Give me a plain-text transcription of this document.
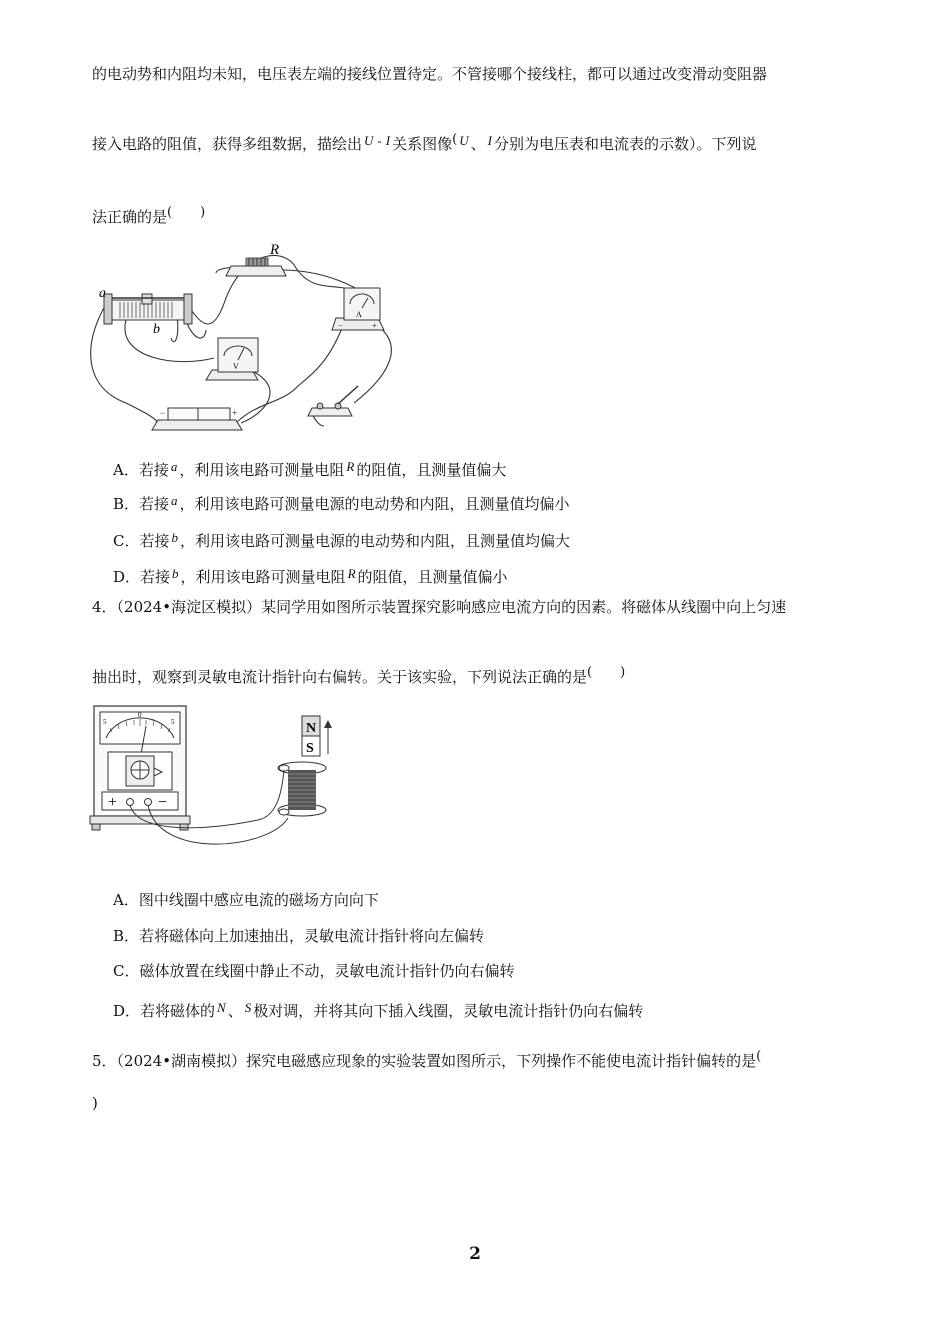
的电动势和内阻均未知，电压表左端的接线位置待定。不管接哪个接线柱，都可以通过改变滑动变阻器
接入电路的阻值，获得多组数据，描绘出 U - I 关系图像( U 、 I 分别为电压表和电流表的示数）。下列说
法正确的是( )
R
a
b
A
−	+
V
−	+
A．若接 a ，利用该电路可测量电阻 R 的阻值，且测量值偏大
B．若接 a ，利用该电路可测量电源的电动势和内阻，且测量值均偏小
C．若接 b ，利用该电路可测量电源的电动势和内阻，且测量值均偏大
D．若接 b ，利用该电路可测量电阻 R 的阻值，且测量值偏小
4．（2024•海淀区模拟）某同学用如图所示装置探究影响感应电流方向的因素。将磁体从线圈中向上匀速
抽出时，观察到灵敏电流计指针向右偏转。关于该实验，下列说法正确的是( )
5
0
5
+	−
N
S
A．图中线圈中感应电流的磁场方向向下
B．若将磁体向上加速抽出，灵敏电流计指针将向左偏转
C．磁体放置在线圈中静止不动，灵敏电流计指针仍向右偏转
D．若将磁体的 N 、 S 极对调，并将其向下插入线圈，灵敏电流计指针仍向右偏转
5．（2024•湖南模拟）探究电磁感应现象的实验装置如图所示，下列操作不能使电流计指针偏转的是(
)
2
